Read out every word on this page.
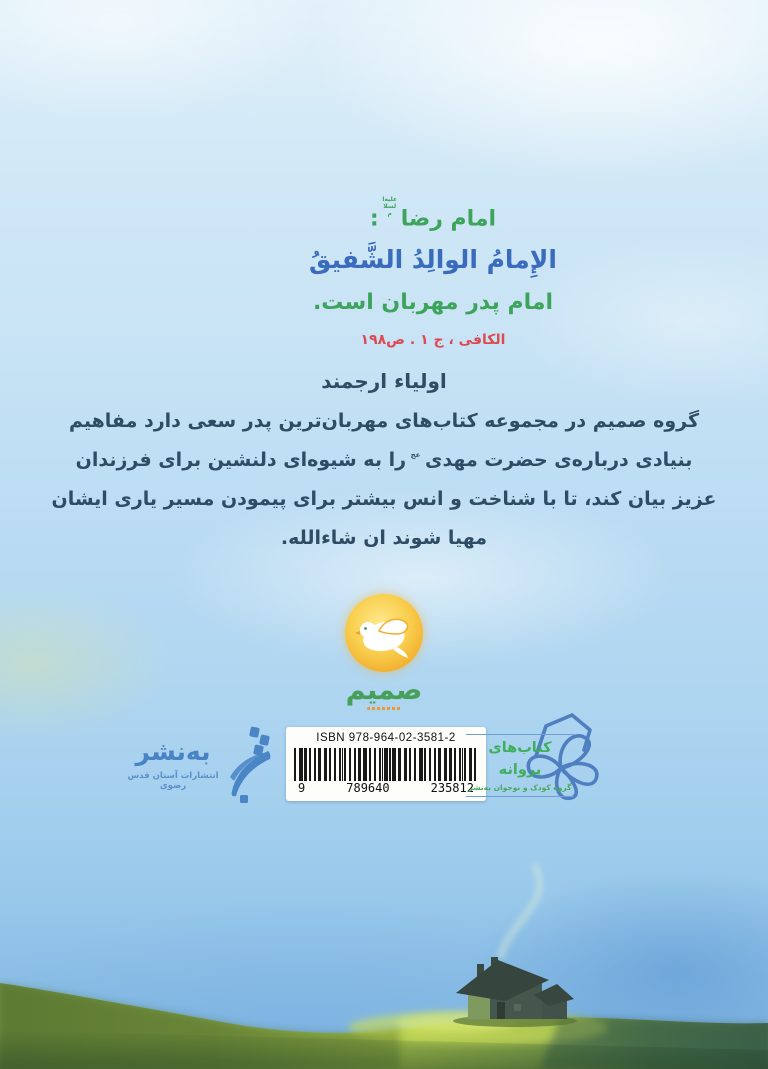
امام رضاعلیه‌السلام:
الإِمامُ الوالِدُ الشَّفیقُ
امام پدر مهربان است.
الکافی ، ج ۱ . ص۱۹۸
اولیاء ارجمند
گروه صمیم در مجموعه کتاب‌های مهربان‌ترین پدر سعی دارد مفاهیم
بنیادی درباره‌ی حضرت مهدیعجرا به شیوه‌ای دلنشین برای فرزندان
عزیز بیان کند، تا با شناخت و انس بیشتر برای پیمودن مسیر یاری ایشان
مهیا شوند ان شاءالله.
صمیم
به‌نشر
انتشارات آستان قدس رضوی
ISBN 978-964-02-3581-2
9	789640	235812
کتاب‌های پروانه
گروه کودک و نوجوان به‌نشر
